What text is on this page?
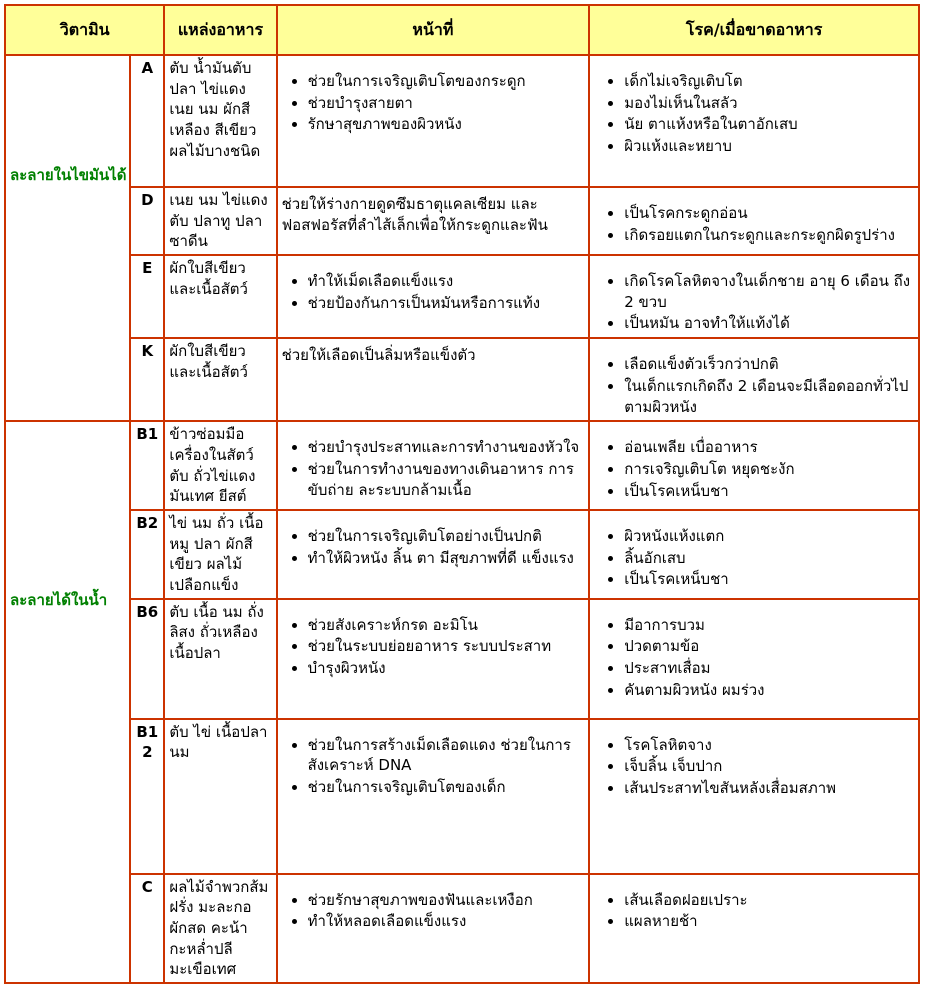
วิตามิน		แหล่งอาหาร	หน้าที่	โรค/เมื่อขาดอาหาร

ละลายในไขมันได้
	A	ตับ น้ำมันตับปลา ไข่แดง เนย นม ผักสีเหลือง สีเขียว ผลไม้บางชนิด	
• ช่วยในการเจริญเติบโตของกระดูก
• ช่วยบำรุงสายตา
• รักษาสุขภาพของผิวหนัง

• เด็กไม่เจริญเติบโต
• มองไม่เห็นในสลัว
• นัย ตาแห้งหรือในตาอักเสบ
• ผิวแห้งและหยาบ

D	เนย นม ไข่แดง ตับ ปลาทู ปลาซาดีน	
ช่วยให้ร่างกายดูดซึมธาตุแคลเซียม และฟอสฟอรัสที่ลำไส้เล็กเพื่อให้กระดูกและฟัน

• เป็นโรคกระดูกอ่อน
• เกิดรอยแตกในกระดูกและกระดูกผิดรูปร่าง

E	ผักใบสีเขียว และเนื้อสัตว์	
•ทำให้เม็ดเลือดแข็งแรง
• ช่วยป้องกันการเป็นหมันหรือการแท้ง

• เกิดโรคโลหิตจางในเด็กชาย อายุ 6 เดือน ถึง 2 ขวบ
• เป็นหมัน อาจทำให้แท้งได้

K	ผักใบสีเขียว และเนื้อสัตว์	
ช่วยให้เลือดเป็นลิ่มหรือแข็งตัว

•เลือดแข็งตัวเร็วกว่าปกติ
• ในเด็กแรกเกิดถึง 2 เดือนจะมีเลือดออกทั่วไป ตามผิวหนัง

ละลายได้ในน้ำ
	B1	ข้าวซ่อมมือ เครื่องในสัตว์ ตับ ถั่วไข่แดง มันเทศ ยีสต์	
• ช่วยบำรุงประสาทและการทำงานของหัวใจ
• ช่วยในการทำงานของทางเดินอาหาร การขับถ่าย ละระบบกล้ามเนื้อ

• อ่อนเพลีย เบื่ออาหาร
• การเจริญเติบโต หยุดชะงัก
• เป็นโรคเหน็บชา

B2	ไข่ นม ถั่ว เนื้อหมู ปลา ผักสีเขียว ผลไม้เปลือกแข็ง	
• ช่วยในการเจริญเติบโตอย่างเป็นปกติ
• ทำให้ผิวหนัง ลิ้น ตา มีสุขภาพที่ดี แข็งแรง

• ผิวหนังแห้งแตก
• ลิ้นอักเสบ
• เป็นโรคเหน็บชา

B6	ตับ เนื้อ นม ถั่งลิสง ถั่วเหลือง เนื้อปลา	
• ช่วยสังเคราะห์กรด อะมิโน
• ช่วยในระบบย่อยอาหาร ระบบประสาท
• บำรุงผิวหนัง

• มีอาการบวม
• ปวดตามข้อ
• ประสาทเสื่อม
• คันตามผิวหนัง ผมร่วง

B12	ตับ ไข่ เนื้อปลา นม	
•ช่วยในการสร้างเม็ดเลือดแดง ช่วยในการสังเคราะห์ DNA
• ช่วยในการเจริญเติบโตของเด็ก

• โรคโลหิตจาง
• เจ็บลิ้น เจ็บปาก
• เส้นประสาทไขสันหลังเสื่อมสภาพ

C	ผลไม้จำพวกส้ม ฝรั่ง มะละกอ ผักสด คะน้า กะหล่ำปลี มะเขือเทศ	
• ช่วยรักษาสุขภาพของฟันและเหงือก
• ทำให้หลอดเลือดแข็งแรง

• เส้นเลือดฝอยเปราะ
• แผลหายช้า
